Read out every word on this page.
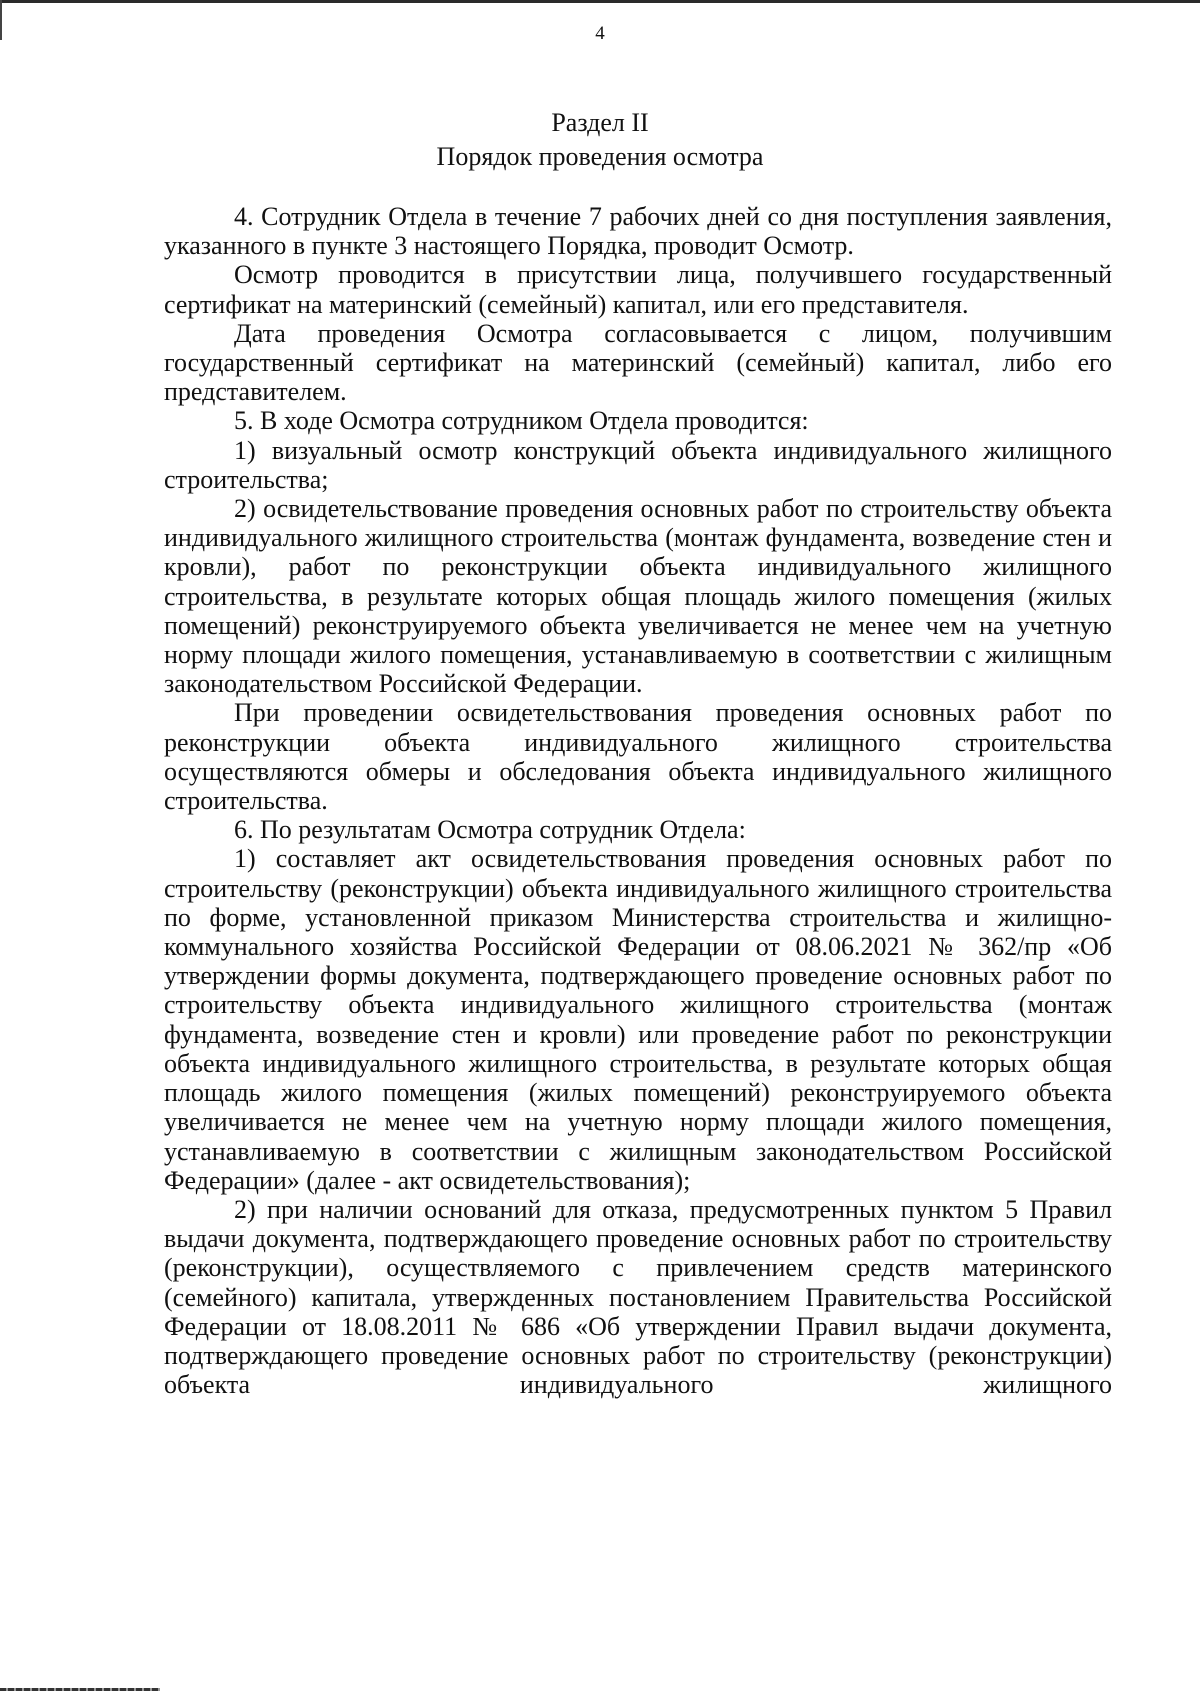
4
Раздел II
Порядок проведения осмотра

4. Сотрудник Отдела в течение 7 рабочих дней со дня поступления заявления, указанного в пункте 3 настоящего Порядка, проводит Осмотр.

Осмотр проводится в присутствии лица, получившего государственный сертификат на материнский (семейный) капитал, или его представителя.

Дата проведения Осмотра согласовывается с лицом, получившим государственный сертификат на материнский (семейный) капитал, либо его представителем.

5. В ходе Осмотра сотрудником Отдела проводится:

1) визуальный осмотр конструкций объекта индивидуального жилищного строительства;

2) освидетельствование проведения основных работ по строительству объекта индивидуального жилищного строительства (монтаж фундамента, возведение стен и кровли), работ по реконструкции объекта индивидуального жилищного строительства, в результате которых общая площадь жилого помещения (жилых помещений) реконструируемого объекта увеличивается не менее чем на учетную норму площади жилого помещения, устанавливаемую в соответствии с жилищным законодательством Российской Федерации.

При проведении освидетельствования проведения основных работ по реконструкции объекта индивидуального жилищного строительства осуществляются обмеры и обследования объекта индивидуального жилищного строительства.

6. По результатам Осмотра сотрудник Отдела:

1) составляет акт освидетельствования проведения основных работ по строительству (реконструкции) объекта индивидуального жилищного строительства по форме, установленной приказом Министерства строительства и жилищно-коммунального хозяйства Российской Федерации от 08.06.2021 № 362/пр «Об утверждении формы документа, подтверждающего проведение основных работ по строительству объекта индивидуального жилищного строительства (монтаж фундамента, возведение стен и кровли) или проведение работ по реконструкции объекта индивидуального жилищного строительства, в результате которых общая площадь жилого помещения (жилых помещений) реконструируемого объекта увеличивается не менее чем на учетную норму площади жилого помещения, устанавливаемую в соответствии с жилищным законодательством Российской Федерации» (далее - акт освидетельствования);

2) при наличии оснований для отказа, предусмотренных пунктом 5 Правил выдачи документа, подтверждающего проведение основных работ по строительству (реконструкции), осуществляемого с привлечением средств материнского (семейного) капитала, утвержденных постановлением Правительства Российской Федерации от 18.08.2011 № 686 «Об утверждении Правил выдачи документа, подтверждающего проведение основных работ по строительству (реконструкции) объекта индивидуального жилищного
